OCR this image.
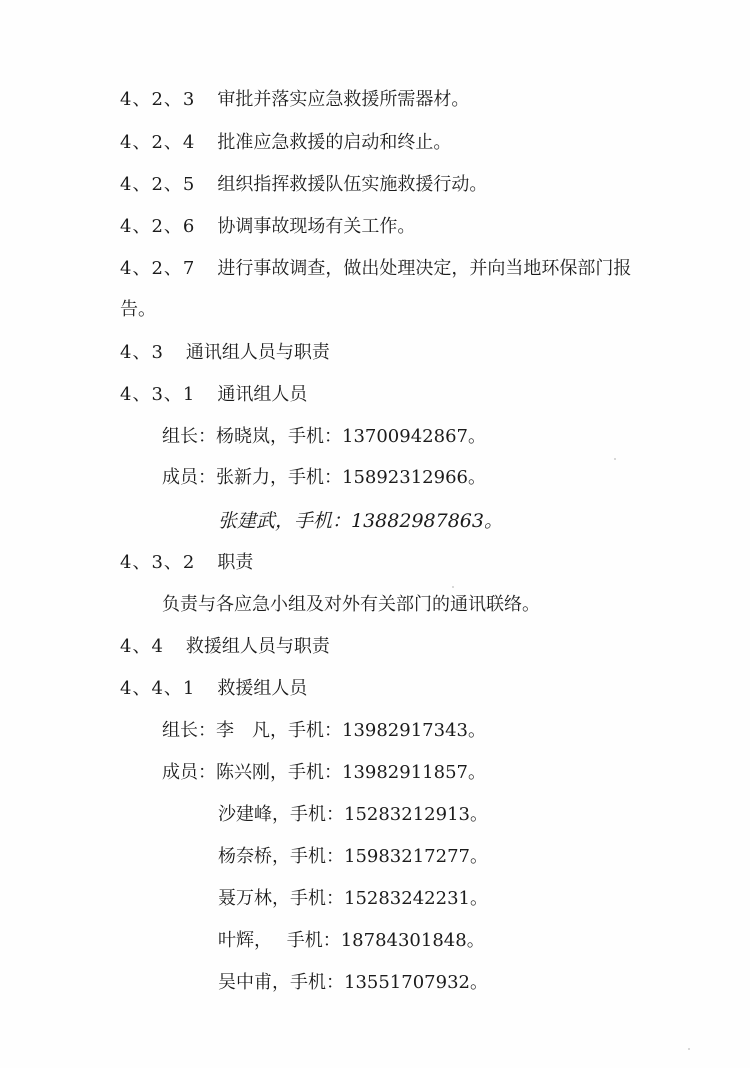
4、2、3 审批并落实应急救援所需器材。
4、2、4 批准应急救援的启动和终止。
4、2、5 组织指挥救援队伍实施救援行动。
4、2、6 协调事故现场有关工作。
4、2、7 进行事故调查，做出处理决定，并向当地环保部门报
告。
4、3 通讯组人员与职责
4、3、1 通讯组人员
组长：杨晓岚，手机：13700942867。
成员：张新力，手机：15892312966。
张建武，手机：13882987863。
4、3、2 职责
负责与各应急小组及对外有关部门的通讯联络。
4、4 救援组人员与职责
4、4、1 救援组人员
组长：李　凡，手机：13982917343。
成员：陈兴刚，手机：13982911857。
沙建峰，手机：15283212913。
杨奈桥，手机：15983217277。
聂万林，手机：15283242231。
叶辉，　 手机：18784301848。
吴中甫，手机：13551707932。
